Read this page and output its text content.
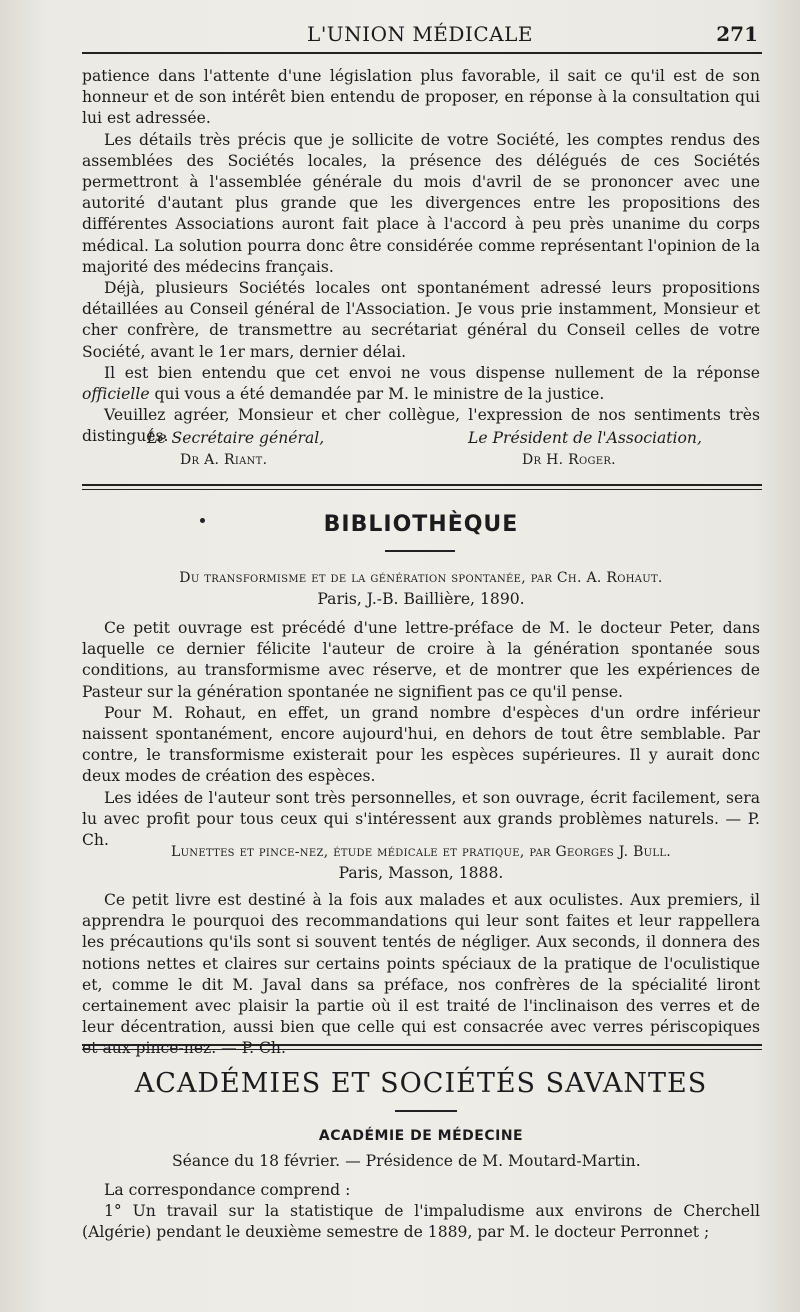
L'UNION MÉDICALE	271

patience dans l'attente d'une législation plus favorable, il sait ce qu'il est de son honneur et de son intérêt bien entendu de proposer, en réponse à la consultation qui lui est adressée.

Les détails très précis que je sollicite de votre Société, les comptes rendus des assemblées des Sociétés locales, la présence des délégués de ces Sociétés permettront à l'assemblée générale du mois d'avril de se prononcer avec une autorité d'autant plus grande que les divergences entre les propositions des différentes Associations auront fait place à l'accord à peu près unanime du corps médical. La solution pourra donc être considérée comme représentant l'opinion de la majorité des médecins français.

Déjà, plusieurs Sociétés locales ont spontanément adressé leurs propositions détaillées au Conseil général de l'Association. Je vous prie instamment, Monsieur et cher confrère, de transmettre au secrétariat général du Conseil celles de votre Société, avant le 1er mars, dernier délai.

Il est bien entendu que cet envoi ne vous dispense nullement de la réponse officielle qui vous a été demandée par M. le ministre de la justice.

Veuillez agréer, Monsieur et cher collègue, l'expression de nos sentiments très distingués.

Le Secrétaire général,
Dr A. Riant.
Le Président de l'Association,
Dr H. Roger.
BIBLIOTHÈQUE
Du transformisme et de la génération spontanée, par Ch. A. Rohaut.
Paris, J.-B. Baillière, 1890.

Ce petit ouvrage est précédé d'une lettre-préface de M. le docteur Peter, dans laquelle ce dernier félicite l'auteur de croire à la génération spontanée sous conditions, au transformisme avec réserve, et de montrer que les expériences de Pasteur sur la génération spontanée ne signifient pas ce qu'il pense.

Pour M. Rohaut, en effet, un grand nombre d'espèces d'un ordre inférieur naissent spontanément, encore aujourd'hui, en dehors de tout être semblable. Par contre, le transformisme existerait pour les espèces supérieures. Il y aurait donc deux modes de création des espèces.

Les idées de l'auteur sont très personnelles, et son ouvrage, écrit facilement, sera lu avec profit pour tous ceux qui s'intéressent aux grands problèmes naturels. — P. Ch.

Lunettes et pince-nez, étude médicale et pratique, par Georges J. Bull.
Paris, Masson, 1888.

Ce petit livre est destiné à la fois aux malades et aux oculistes. Aux premiers, il apprendra le pourquoi des recommandations qui leur sont faites et leur rappellera les précautions qu'ils sont si souvent tentés de négliger. Aux seconds, il donnera des notions nettes et claires sur certains points spéciaux de la pratique de l'oculistique et, comme le dit M. Javal dans sa préface, nos confrères de la spécialité liront certainement avec plaisir la partie où il est traité de l'inclinaison des verres et de leur décentration, aussi bien que celle qui est consacrée avec verres périscopiques et aux pince-nez. — P. Ch.

ACADÉMIES ET SOCIÉTÉS SAVANTES
ACADÉMIE DE MÉDECINE
Séance du 18 février. — Présidence de M. Moutard-Martin.

La correspondance comprend :

1° Un travail sur la statistique de l'impaludisme aux environs de Cherchell (Algérie) pendant le deuxième semestre de 1889, par M. le docteur Perronnet ;
